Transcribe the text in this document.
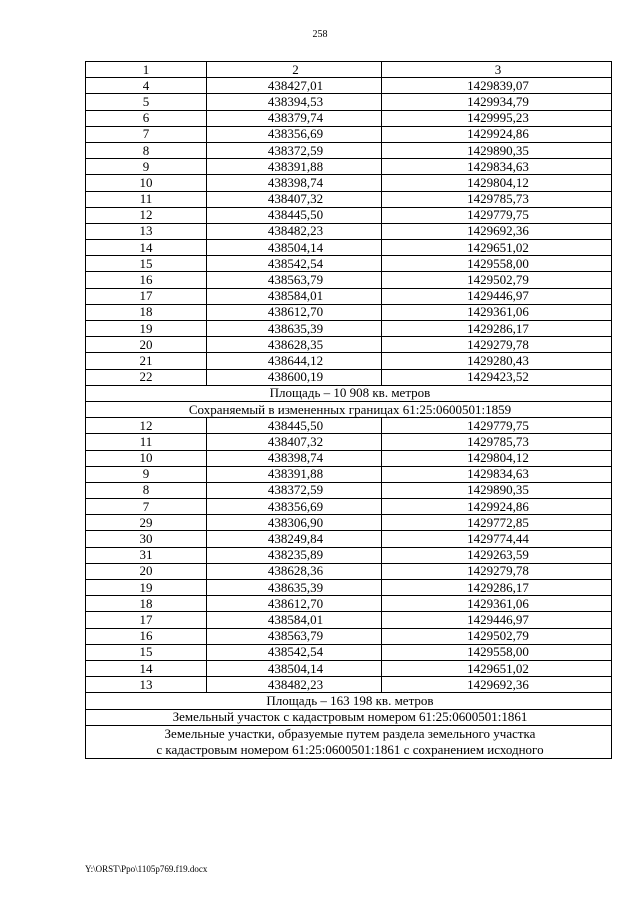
258
1	2	3
4	438427,01	1429839,07
5	438394,53	1429934,79
6	438379,74	1429995,23
7	438356,69	1429924,86
8	438372,59	1429890,35
9	438391,88	1429834,63
10	438398,74	1429804,12
11	438407,32	1429785,73
12	438445,50	1429779,75
13	438482,23	1429692,36
14	438504,14	1429651,02
15	438542,54	1429558,00
16	438563,79	1429502,79
17	438584,01	1429446,97
18	438612,70	1429361,06
19	438635,39	1429286,17
20	438628,35	1429279,78
21	438644,12	1429280,43
22	438600,19	1429423,52
Площадь – 10 908 кв. метров		
Сохраняемый в измененных границах 61:25:0600501:1859		
12	438445,50	1429779,75
11	438407,32	1429785,73
10	438398,74	1429804,12
9	438391,88	1429834,63
8	438372,59	1429890,35
7	438356,69	1429924,86
29	438306,90	1429772,85
30	438249,84	1429774,44
31	438235,89	1429263,59
20	438628,36	1429279,78
19	438635,39	1429286,17
18	438612,70	1429361,06
17	438584,01	1429446,97
16	438563,79	1429502,79
15	438542,54	1429558,00
14	438504,14	1429651,02
13	438482,23	1429692,36
Площадь – 163 198 кв. метров		
Земельный участок с кадастровым номером 61:25:0600501:1861		

Земельные участки, образуемые путем раздела земельного участка
с кадастровым номером 61:25:0600501:1861 с сохранением исходного		
Y:\ORST\Ppo\1105p769.f19.docx
